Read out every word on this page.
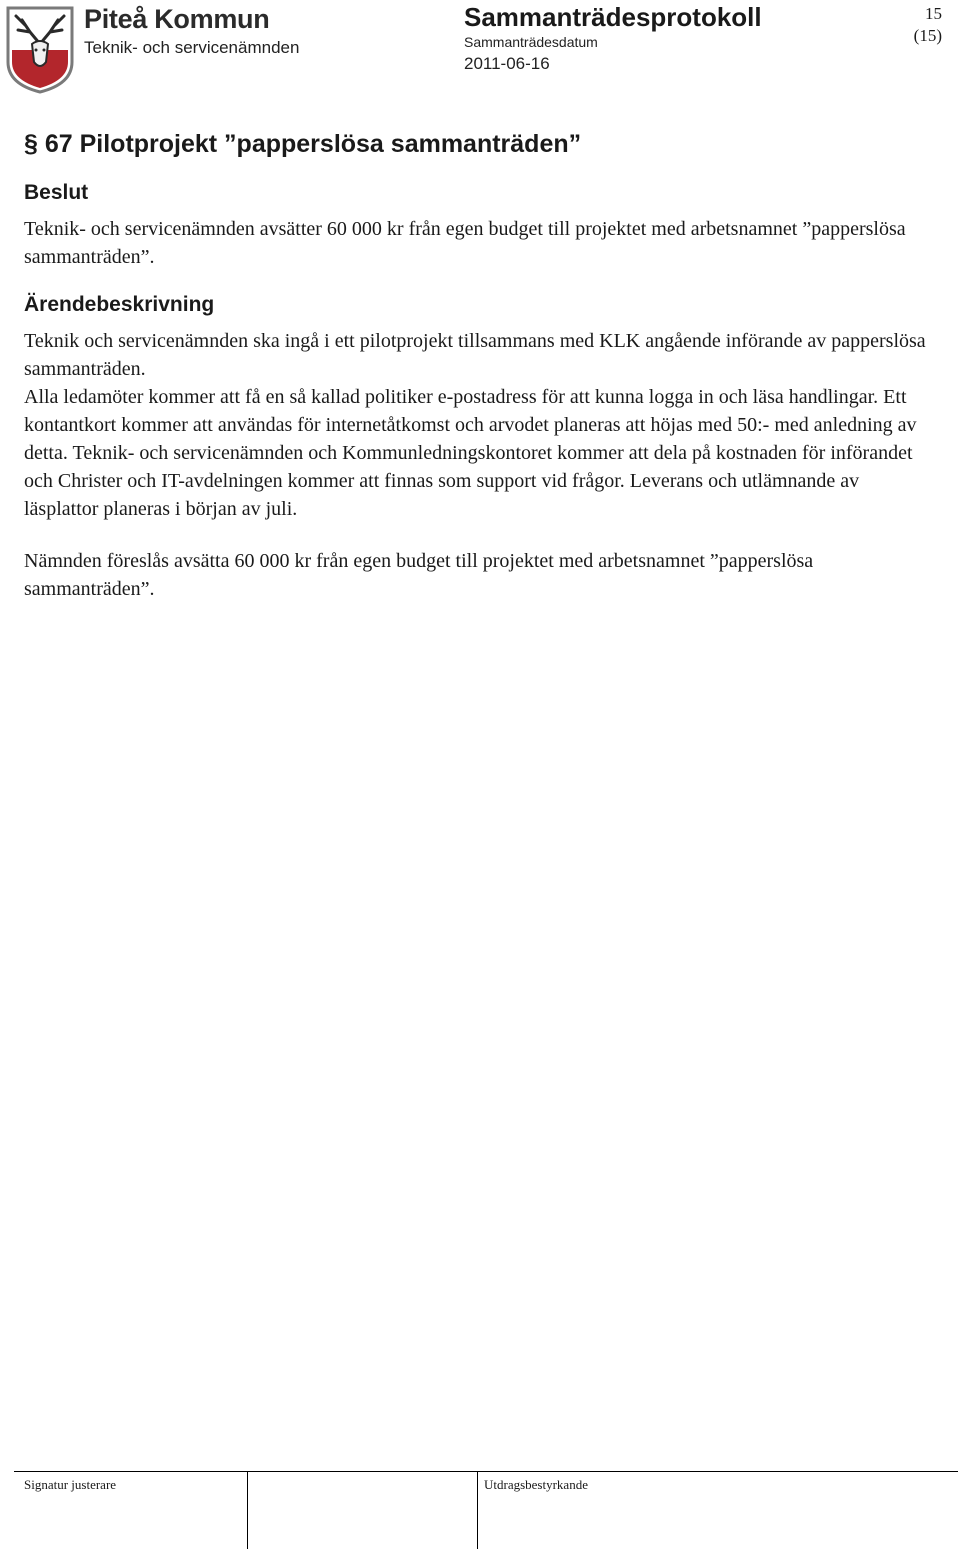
Piteå Kommun
Teknik- och servicenämnden
Sammanträdesprotokoll
Sammanträdesdatum
2011-06-16
15
(15)
§ 67 Pilotprojekt ”papperslösa sammanträden”
Beslut

Teknik- och servicenämnden avsätter 60 000 kr från egen budget till projektet med arbetsnamnet ”papperslösa sammanträden”.

Ärendebeskrivning

Teknik och servicenämnden ska ingå i ett pilotprojekt tillsammans med KLK angående införande av papperslösa sammanträden.

Alla ledamöter kommer att få en så kallad politiker e-postadress för att kunna logga in och läsa handlingar. Ett kontantkort kommer att användas för internetåtkomst och arvodet planeras att höjas med 50:- med anledning av detta. Teknik- och servicenämnden och Kommunledningskontoret kommer att dela på kostnaden för införandet och Christer och IT-avdelningen kommer att finnas som support vid frågor. Leverans och utlämnande av läsplattor planeras i början av juli.

Nämnden föreslås avsätta 60 000 kr från egen budget till projektet med arbetsnamnet ”papperslösa sammanträden”.

Signatur justerare	Utdragsbestyrkande
